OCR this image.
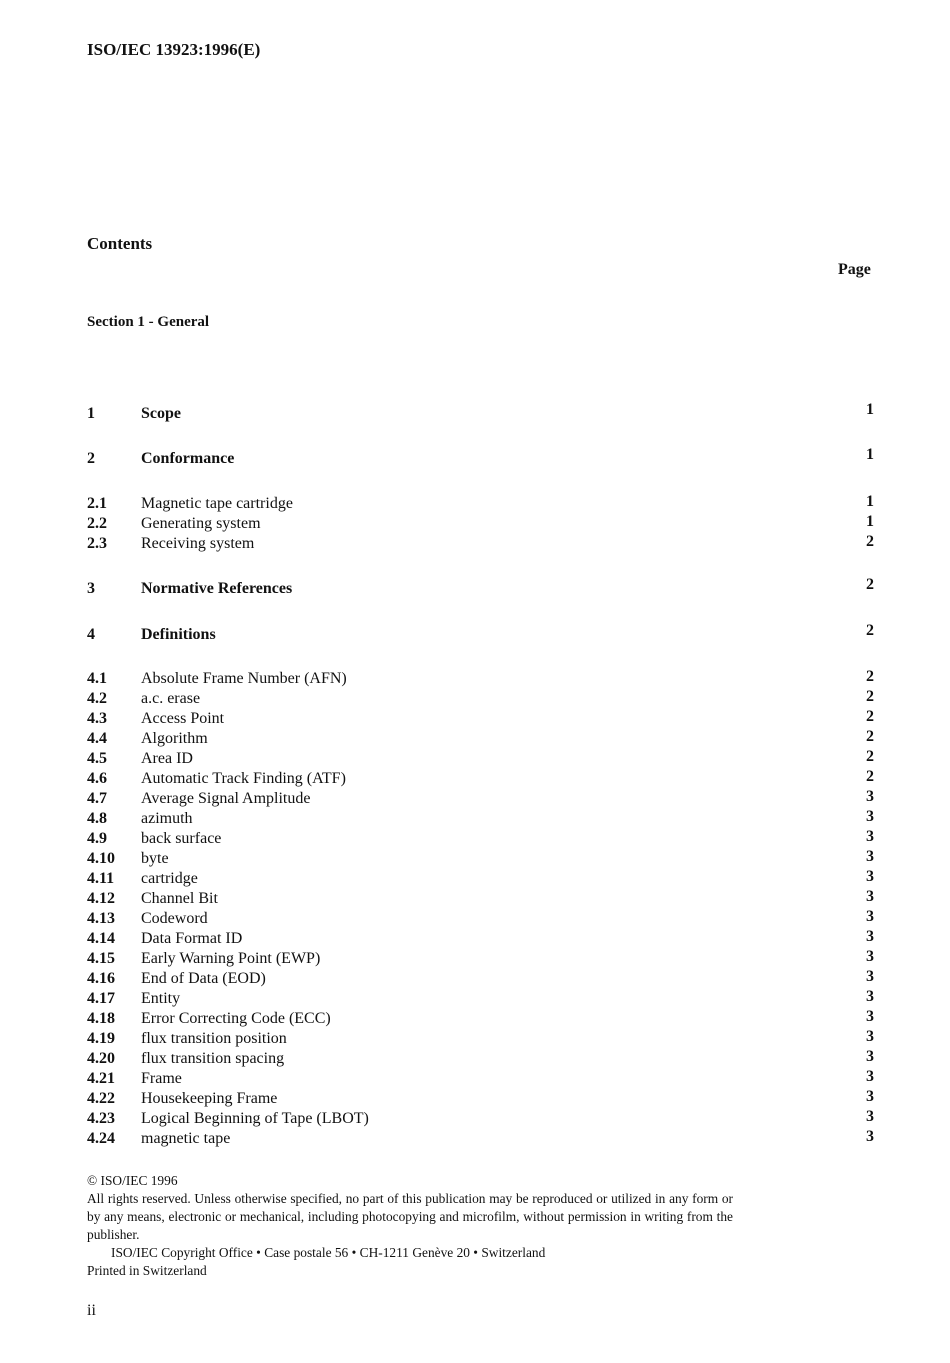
ISO/IEC 13923:1996(E)
Contents
Page
Section 1 - General
1	Scope	1
2	Conformance	1
2.1 Magnetic tape cartridge	1
2.2 Generating system	1
2.3 Receiving system	2
3	Normative References	2
4	Definitions	2
4.1 Absolute Frame Number (AFN)	2
4.2 a.c. erase	2
4.3 Access Point	2
4.4 Algorithm	2
4.5 Area ID	2
4.6 Automatic Track Finding (ATF)	2
4.7 Average Signal Amplitude	3
4.8 azimuth	3
4.9 back surface	3
4.10 byte	3
4.11 cartridge	3
4.12 Channel Bit	3
4.13 Codeword	3
4.14 Data Format ID	3
4.15 Early Warning Point (EWP)	3
4.16 End of Data (EOD)	3
4.17 Entity	3
4.18 Error Correcting Code (ECC)	3
4.19 flux transition position	3
4.20 flux transition spacing	3
4.21 Frame	3
4.22 Housekeeping Frame	3
4.23 Logical Beginning of Tape (LBOT)	3
4.24 magnetic tape	3

© ISO/IEC 1996

All rights reserved. Unless otherwise specified, no part of this publication may be reproduced or utilized in any form or by any means, electronic or mechanical, including photocopying and microfilm, without permission in writing from the publisher.

ISO/IEC Copyright Office • Case postale 56 • CH-1211 Genève 20 • Switzerland

Printed in Switzerland

ii
